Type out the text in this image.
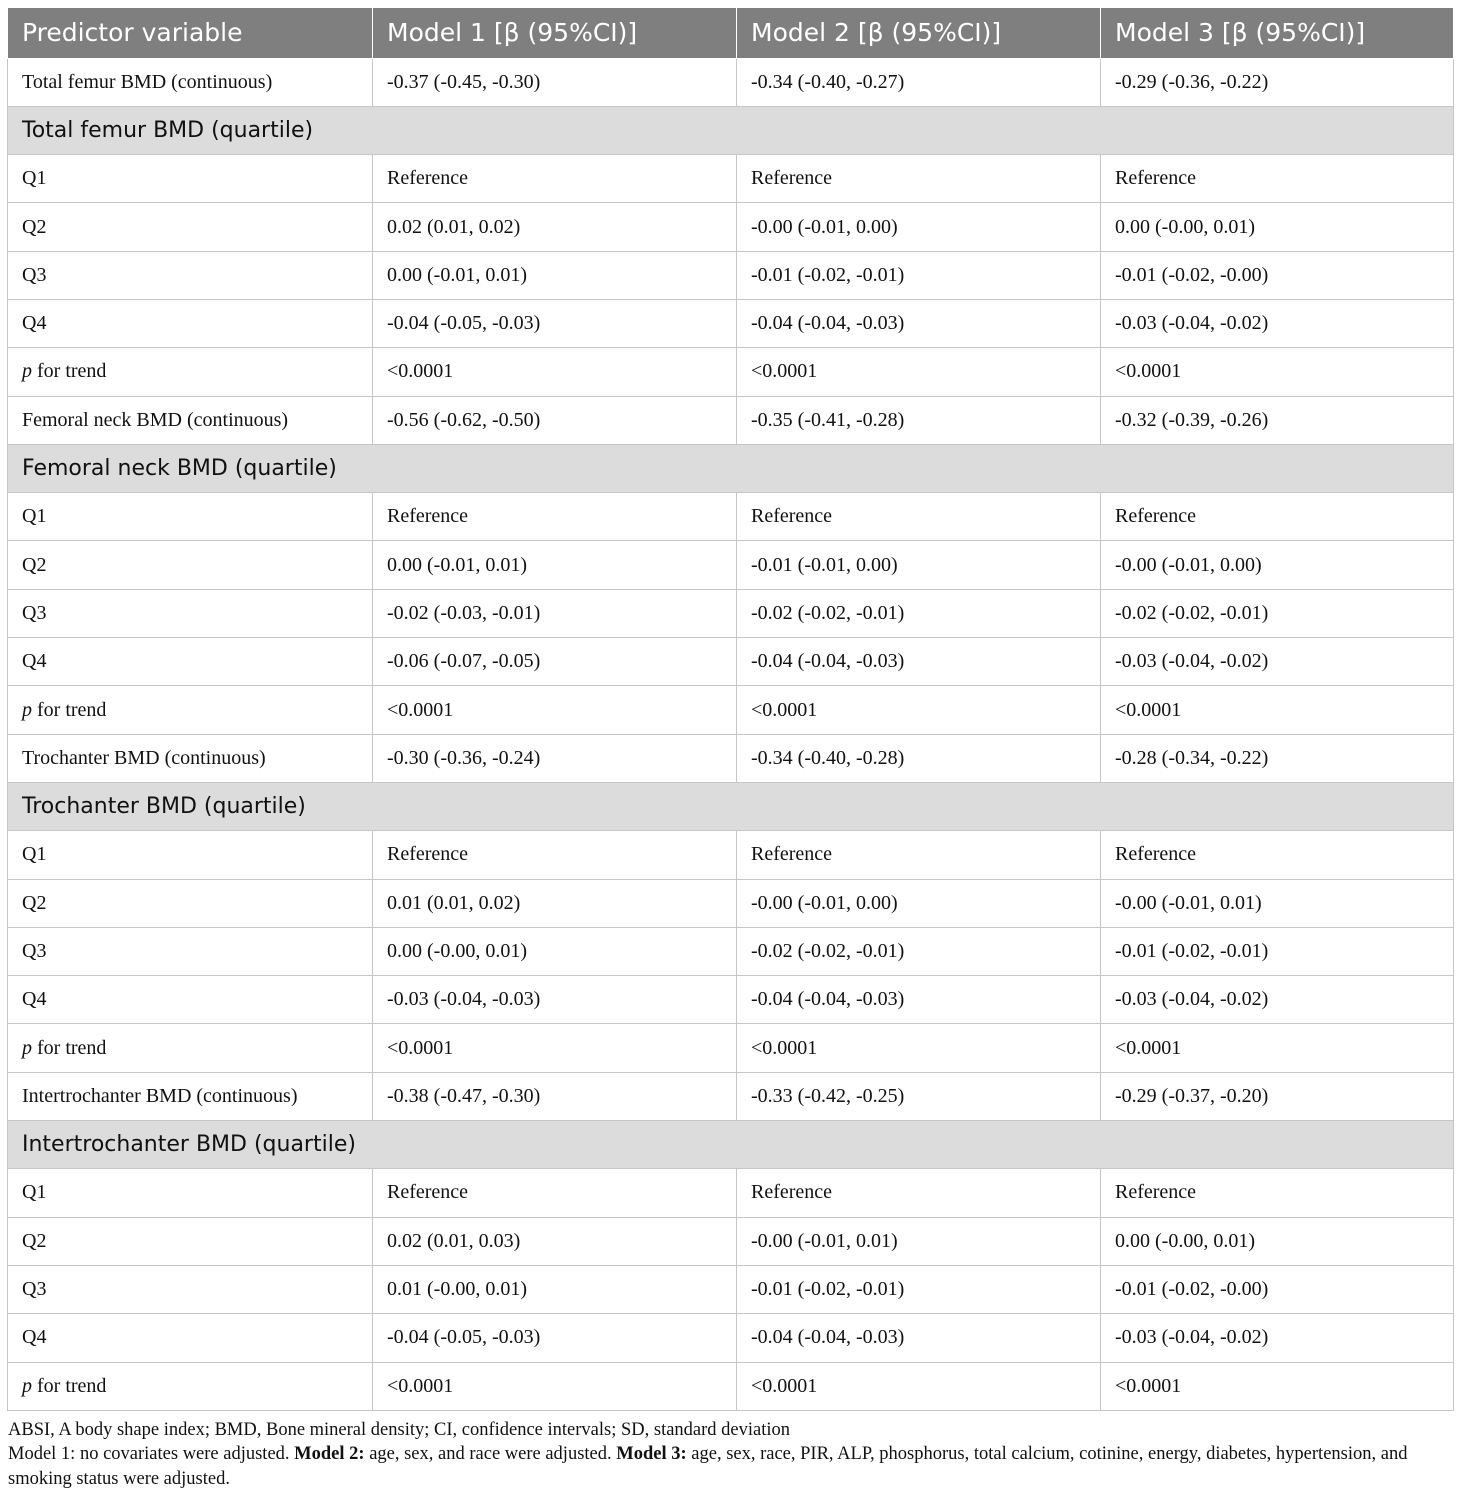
Predictor variable	Model 1 [β (95%CI)]	Model 2 [β (95%CI)]	Model 3 [β (95%CI)]
Total femur BMD (continuous)	-0.37 (-0.45, -0.30)	-0.34 (-0.40, -0.27)	-0.29 (-0.36, -0.22)
Total femur BMD (quartile)			
Q1	Reference	Reference	Reference
Q2	0.02 (0.01, 0.02)	-0.00 (-0.01, 0.00)	0.00 (-0.00, 0.01)
Q3	0.00 (-0.01, 0.01)	-0.01 (-0.02, -0.01)	-0.01 (-0.02, -0.00)
Q4	-0.04 (-0.05, -0.03)	-0.04 (-0.04, -0.03)	-0.03 (-0.04, -0.02)
p for trend	<0.0001	<0.0001	<0.0001
Femoral neck BMD (continuous)	-0.56 (-0.62, -0.50)	-0.35 (-0.41, -0.28)	-0.32 (-0.39, -0.26)
Femoral neck BMD (quartile)			
Q1	Reference	Reference	Reference
Q2	0.00 (-0.01, 0.01)	-0.01 (-0.01, 0.00)	-0.00 (-0.01, 0.00)
Q3	-0.02 (-0.03, -0.01)	-0.02 (-0.02, -0.01)	-0.02 (-0.02, -0.01)
Q4	-0.06 (-0.07, -0.05)	-0.04 (-0.04, -0.03)	-0.03 (-0.04, -0.02)
p for trend	<0.0001	<0.0001	<0.0001
Trochanter BMD (continuous)	-0.30 (-0.36, -0.24)	-0.34 (-0.40, -0.28)	-0.28 (-0.34, -0.22)
Trochanter BMD (quartile)			
Q1	Reference	Reference	Reference
Q2	0.01 (0.01, 0.02)	-0.00 (-0.01, 0.00)	-0.00 (-0.01, 0.01)
Q3	0.00 (-0.00, 0.01)	-0.02 (-0.02, -0.01)	-0.01 (-0.02, -0.01)
Q4	-0.03 (-0.04, -0.03)	-0.04 (-0.04, -0.03)	-0.03 (-0.04, -0.02)
p for trend	<0.0001	<0.0001	<0.0001
Intertrochanter BMD (continuous)	-0.38 (-0.47, -0.30)	-0.33 (-0.42, -0.25)	-0.29 (-0.37, -0.20)
Intertrochanter BMD (quartile)			
Q1	Reference	Reference	Reference
Q2	0.02 (0.01, 0.03)	-0.00 (-0.01, 0.01)	0.00 (-0.00, 0.01)
Q3	0.01 (-0.00, 0.01)	-0.01 (-0.02, -0.01)	-0.01 (-0.02, -0.00)
Q4	-0.04 (-0.05, -0.03)	-0.04 (-0.04, -0.03)	-0.03 (-0.04, -0.02)
p for trend	<0.0001	<0.0001	<0.0001
ABSI, A body shape index; BMD, Bone mineral density; CI, confidence intervals; SD, standard deviation
Model 1: no covariates were adjusted. Model 2: age, sex, and race were adjusted. Model 3: age, sex, race, PIR, ALP, phosphorus, total calcium, cotinine, energy, diabetes, hypertension, and smoking status were adjusted.
